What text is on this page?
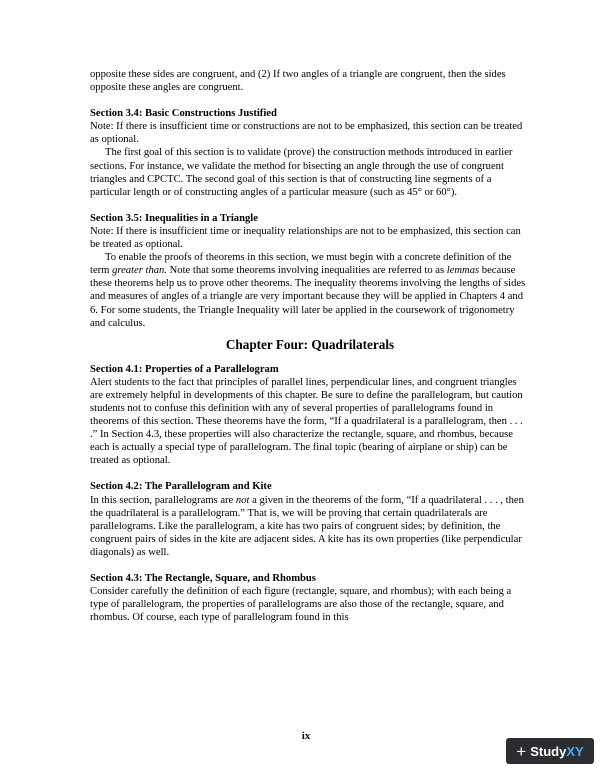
opposite these sides are congruent, and (2) If two angles of a triangle are congruent, then the sides opposite these angles are congruent.

Section 3.4: Basic Constructions Justified

Note: If there is insufficient time or constructions are not to be emphasized, this section can be treated as optional.

The first goal of this section is to validate (prove) the construction methods introduced in earlier sections. For instance, we validate the method for bisecting an angle through the use of congruent triangles and CPCTC. The second goal of this section is that of constructing line segments of a particular length or of constructing angles of a particular measure (such as 45° or 60°).

Section 3.5: Inequalities in a Triangle

Note: If there is insufficient time or inequality relationships are not to be emphasized, this section can be treated as optional.

To enable the proofs of theorems in this section, we must begin with a concrete definition of the term greater than. Note that some theorems involving inequalities are referred to as lemmas because these theorems help us to prove other theorems. The inequality theorems involving the lengths of sides and measures of angles of a triangle are very important because they will be applied in Chapters 4 and 6. For some students, the Triangle Inequality will later be applied in the coursework of trigonometry and calculus.

Chapter Four: Quadrilaterals
Section 4.1: Properties of a Parallelogram

Alert students to the fact that principles of parallel lines, perpendicular lines, and congruent triangles are extremely helpful in developments of this chapter. Be sure to define the parallelogram, but caution students not to confuse this definition with any of several properties of parallelograms found in theorems of this section. These theorems have the form, “If a quadrilateral is a parallelogram, then . . . .” In Section 4.3, these properties will also characterize the rectangle, square, and rhombus, because each is actually a special type of parallelogram. The final topic (bearing of airplane or ship) can be treated as optional.

Section 4.2: The Parallelogram and Kite

In this section, parallelograms are not a given in the theorems of the form, “If a quadrilateral . . . , then the quadrilateral is a parallelogram.” That is, we will be proving that certain quadrilaterals are parallelograms. Like the parallelogram, a kite has two pairs of congruent sides; by definition, the congruent pairs of sides in the kite are adjacent sides. A kite has its own properties (like perpendicular diagonals) as well.

Section 4.3: The Rectangle, Square, and Rhombus

Consider carefully the definition of each figure (rectangle, square, and rhombus); with each being a type of parallelogram, the properties of parallelograms are also those of the rectangle, square, and rhombus. Of course, each type of parallelogram found in this

ix
+ Study XY
